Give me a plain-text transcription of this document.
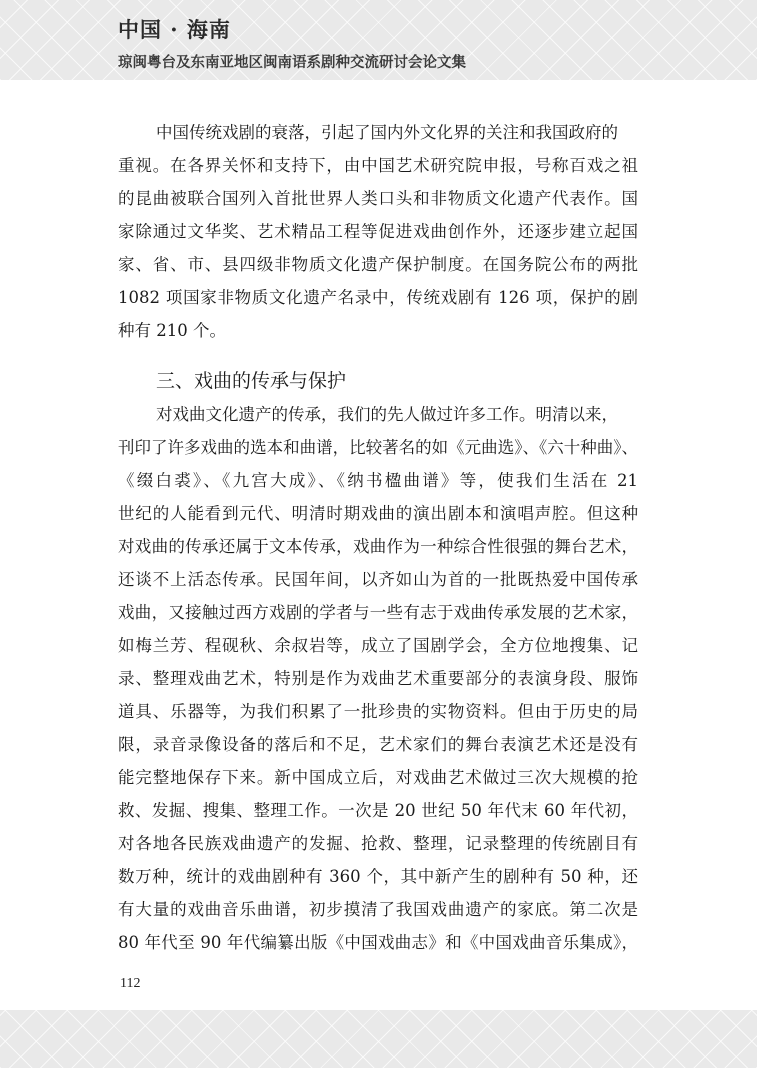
中国 · 海南
琼闽粤台及东南亚地区闽南语系剧种交流研讨会论文集
中国传统戏剧的衰落，引起了国内外文化界的关注和我国政府的
重视。在各界关怀和支持下，由中国艺术研究院申报，号称百戏之祖
的昆曲被联合国列入首批世界人类口头和非物质文化遗产代表作。国
家除通过文华奖、艺术精品工程等促进戏曲创作外，还逐步建立起国
家、省、市、县四级非物质文化遗产保护制度。在国务院公布的两批
1082 项国家非物质文化遗产名录中，传统戏剧有 126 项，保护的剧
种有 210 个。
三、戏曲的传承与保护
对戏曲文化遗产的传承，我们的先人做过许多工作。明清以来，
刊印了许多戏曲的选本和曲谱，比较著名的如《元曲选》、《六十种曲》、
《缀白裘》、《九宫大成》、《纳书楹曲谱》等，使我们生活在 21
世纪的人能看到元代、明清时期戏曲的演出剧本和演唱声腔。但这种
对戏曲的传承还属于文本传承，戏曲作为一种综合性很强的舞台艺术，
还谈不上活态传承。民国年间，以齐如山为首的一批既热爱中国传承
戏曲，又接触过西方戏剧的学者与一些有志于戏曲传承发展的艺术家，
如梅兰芳、程砚秋、余叔岩等，成立了国剧学会，全方位地搜集、记
录、整理戏曲艺术，特别是作为戏曲艺术重要部分的表演身段、服饰
道具、乐器等，为我们积累了一批珍贵的实物资料。但由于历史的局
限，录音录像设备的落后和不足，艺术家们的舞台表演艺术还是没有
能完整地保存下来。新中国成立后，对戏曲艺术做过三次大规模的抢
救、发掘、搜集、整理工作。一次是 20 世纪 50 年代末 60 年代初，
对各地各民族戏曲遗产的发掘、抢救、整理，记录整理的传统剧目有
数万种，统计的戏曲剧种有 360 个，其中新产生的剧种有 50 种，还
有大量的戏曲音乐曲谱，初步摸清了我国戏曲遗产的家底。第二次是
80 年代至 90 年代编纂出版《中国戏曲志》和《中国戏曲音乐集成》，
112
